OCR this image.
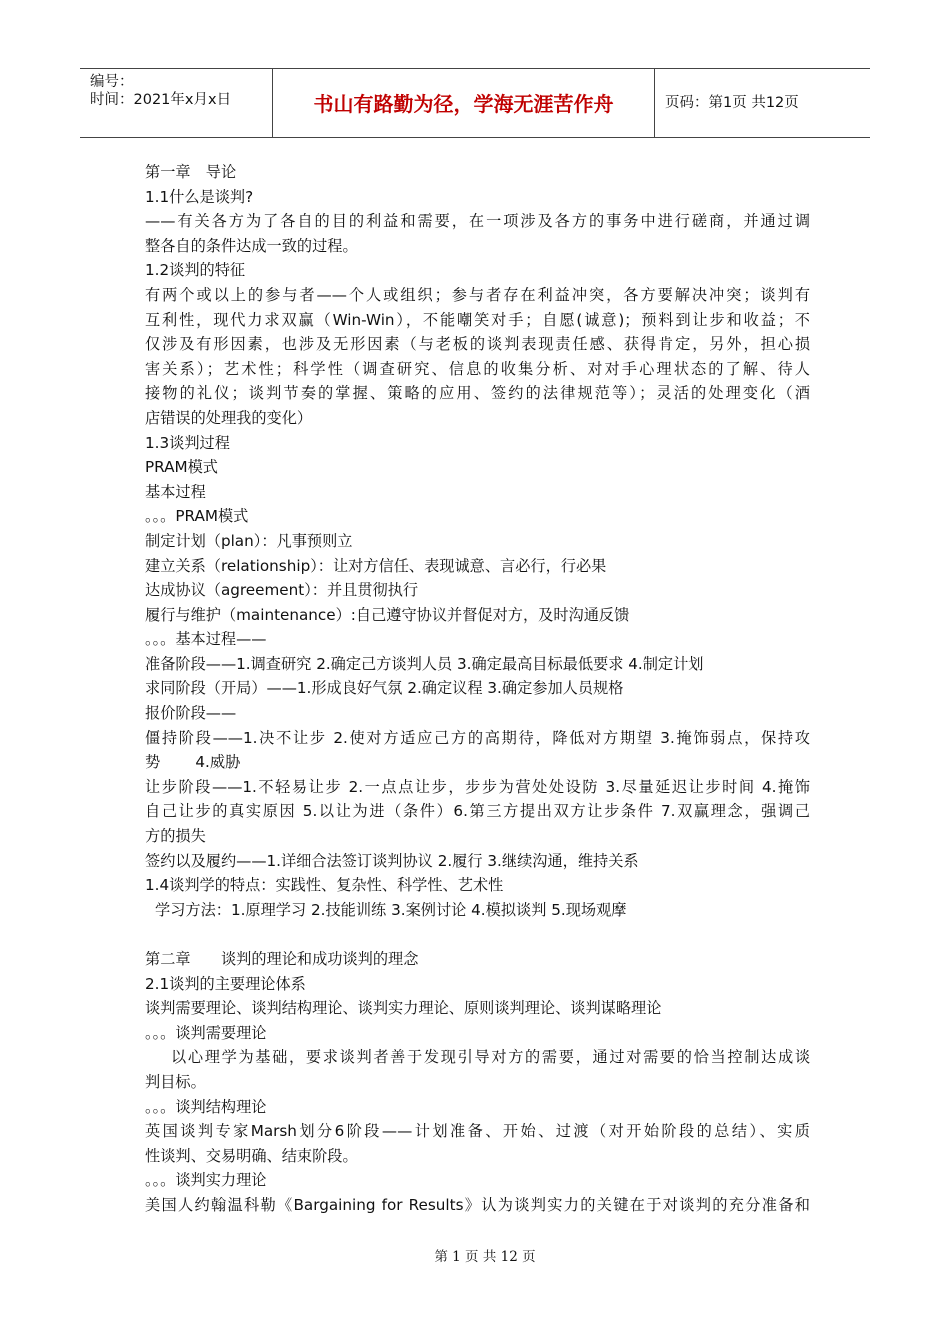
编号：
时间：2021年x月x日	书山有路勤为径，学海无涯苦作舟	页码：第1页 共12页
第一章　导论
1.1什么是谈判?
——有关各方为了各自的目的利益和需要，在一项涉及各方的事务中进行磋商，并通过调
整各自的条件达成一致的过程。
1.2谈判的特征
有两个或以上的参与者——个人或组织；参与者存在利益冲突，各方要解决冲突；谈判有
互利性，现代力求双赢（Win-Win），不能嘲笑对手；自愿(诚意)；预料到让步和收益；不
仅涉及有形因素，也涉及无形因素（与老板的谈判表现责任感、获得肯定，另外，担心损
害关系）；艺术性；科学性（调查研究、信息的收集分析、对对手心理状态的了解、待人
接物的礼仪；谈判节奏的掌握、策略的应用、签约的法律规范等）；灵活的处理变化（酒
店错误的处理我的变化）
1.3谈判过程
PRAM模式
基本过程
。。。PRAM模式
制定计划（plan）：凡事预则立
建立关系（relationship）：让对方信任、表现诚意、言必行，行必果
达成协议（agreement）：并且贯彻执行
履行与维护（maintenance）:自己遵守协议并督促对方，及时沟通反馈
。。。基本过程——
准备阶段——1.调查研究 2.确定己方谈判人员 3.确定最高目标最低要求 4.制定计划
求同阶段（开局）——1.形成良好气氛 2.确定议程 3.确定参加人员规格
报价阶段——
僵持阶段——1.决不让步 2.使对方适应己方的高期待，降低对方期望 3.掩饰弱点，保持攻
势　　 4.威胁
让步阶段——1.不轻易让步 2.一点点让步，步步为营处处设防 3.尽量延迟让步时间 4.掩饰
自己让步的真实原因 5.以让为进（条件）6.第三方提出双方让步条件 7.双赢理念，强调己
方的损失
签约以及履约——1.详细合法签订谈判协议 2.履行 3.继续沟通，维持关系
1.4谈判学的特点：实践性、复杂性、科学性、艺术性
学习方法：1.原理学习 2.技能训练 3.案例讨论 4.模拟谈判 5.现场观摩
第二章　　谈判的理论和成功谈判的理念
2.1谈判的主要理论体系
谈判需要理论、谈判结构理论、谈判实力理论、原则谈判理论、谈判谋略理论
。。。谈判需要理论
以心理学为基础，要求谈判者善于发现引导对方的需要，通过对需要的恰当控制达成谈
判目标。
。。。谈判结构理论
英国谈判专家Marsh划分6阶段——计划准备、开始、过渡（对开始阶段的总结）、实质
性谈判、交易明确、结束阶段。
。。。谈判实力理论
美国人约翰温科勒《Bargaining for Results》认为谈判实力的关键在于对谈判的充分准备和
第 1 页 共 12 页
